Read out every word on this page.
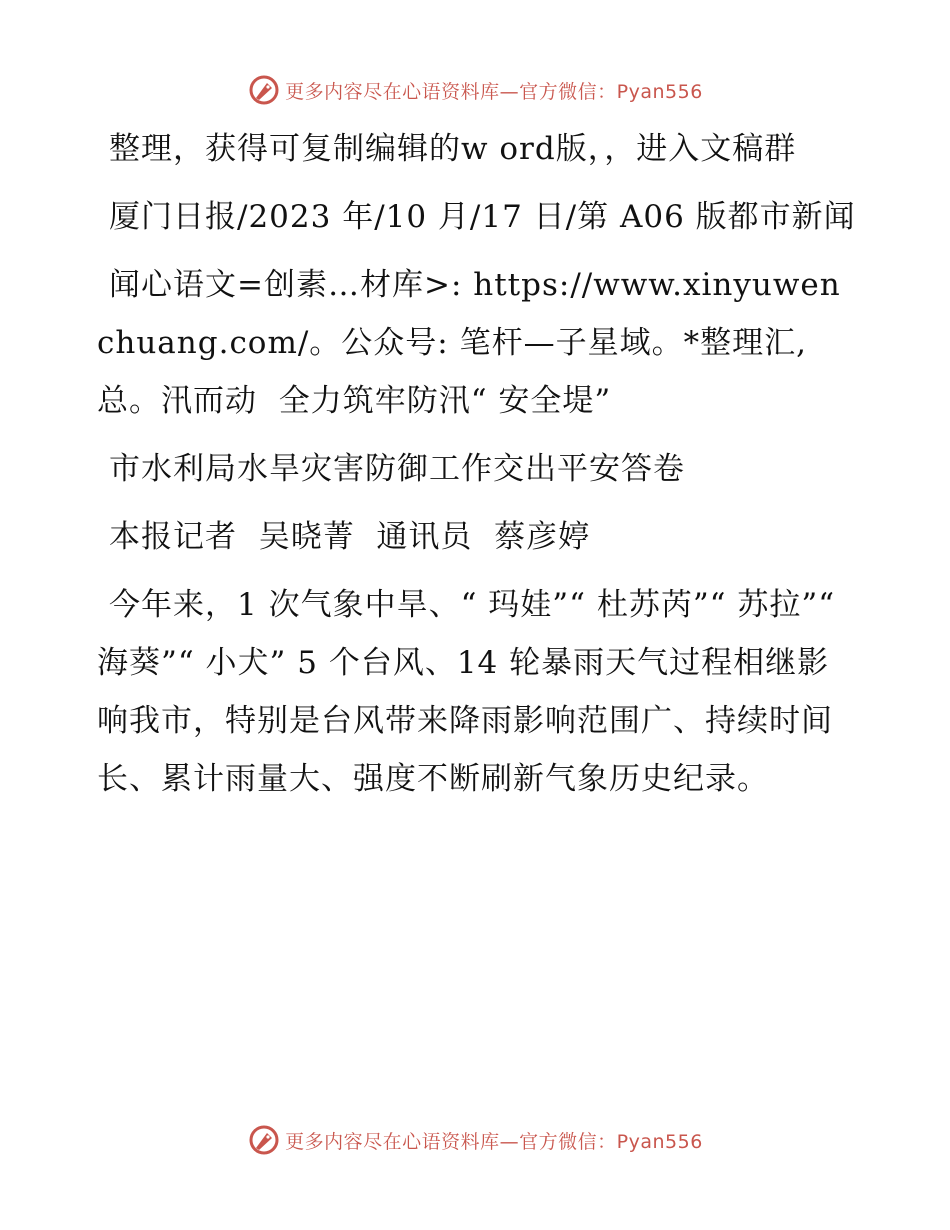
更多内容尽在心语资料库—官方微信：Pyan556

整理，获得可复制编辑的w ord版，，进入文稿群

厦门日报/2023 年/10 月/17 日/第 A06 版都市新闻

闻心语文=创素…材库>: https://www.xinyuwenchuang.com/。公众号: 笔杆—子星域。*整理汇,总。汛而动  全力筑牢防汛“ 安全堤”

市水利局水旱灾害防御工作交出平安答卷

本报记者  吴晓菁  通讯员  蔡彦婷

今年来，1 次气象中旱、“ 玛娃”“ 杜苏芮”“ 苏拉”“ 海葵”“ 小犬” 5 个台风、14 轮暴雨天气过程相继影响我市，特别是台风带来降雨影响范围广、持续时间长、累计雨量大、强度不断刷新气象历史纪录。

更多内容尽在心语资料库—官方微信：Pyan556
